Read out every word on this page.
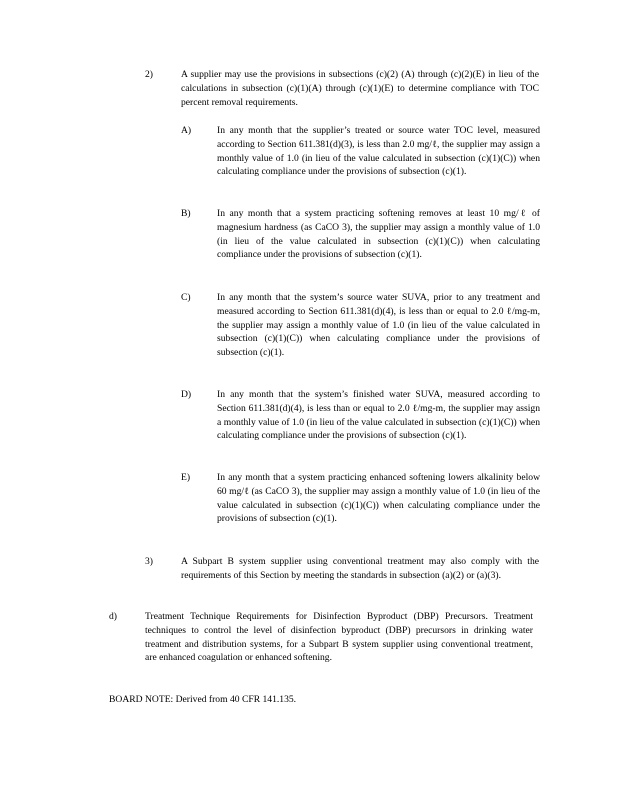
2)	A supplier may use the provisions in subsections (c)(2) (A) through (c)(2)(E) in lieu of the calculations in subsection (c)(1)(A) through (c)(1)(E) to determine compliance with TOC percent removal requirements.
A)	In any month that the supplier’s treated or source water TOC level, measured according to Section 611.381(d)(3), is less than 2.0 mg/ℓ, the supplier may assign a monthly value of 1.0 (in lieu of the value calculated in subsection (c)(1)(C)) when calculating compliance under the provisions of subsection (c)(1).
B)	In any month that a system practicing softening removes at least 10 mg/ℓ of magnesium hardness (as CaCO 3), the supplier may assign a monthly value of 1.0 (in lieu of the value calculated in subsection (c)(1)(C)) when calculating compliance under the provisions of subsection (c)(1).
C)	In any month that the system’s source water SUVA, prior to any treatment and measured according to Section 611.381(d)(4), is less than or equal to 2.0 ℓ/mg-m, the supplier may assign a monthly value of 1.0 (in lieu of the value calculated in subsection (c)(1)(C)) when calculating compliance under the provisions of subsection (c)(1).
D)	In any month that the system’s finished water SUVA, measured according to Section 611.381(d)(4), is less than or equal to 2.0 ℓ/mg-m, the supplier may assign a monthly value of 1.0 (in lieu of the value calculated in subsection (c)(1)(C)) when calculating compliance under the provisions of subsection (c)(1).
E)	In any month that a system practicing enhanced softening lowers alkalinity below 60 mg/ℓ (as CaCO 3), the supplier may assign a monthly value of 1.0 (in lieu of the value calculated in subsection (c)(1)(C)) when calculating compliance under the provisions of subsection (c)(1).
3)	A Subpart B system supplier using conventional treatment may also comply with the requirements of this Section by meeting the standards in subsection (a)(2) or (a)(3).
d)	Treatment Technique Requirements for Disinfection Byproduct (DBP) Precursors. Treatment techniques to control the level of disinfection byproduct (DBP) precursors in drinking water treatment and distribution systems, for a Subpart B system supplier using conventional treatment, are enhanced coagulation or enhanced softening.
BOARD NOTE: Derived from 40 CFR 141.135.
